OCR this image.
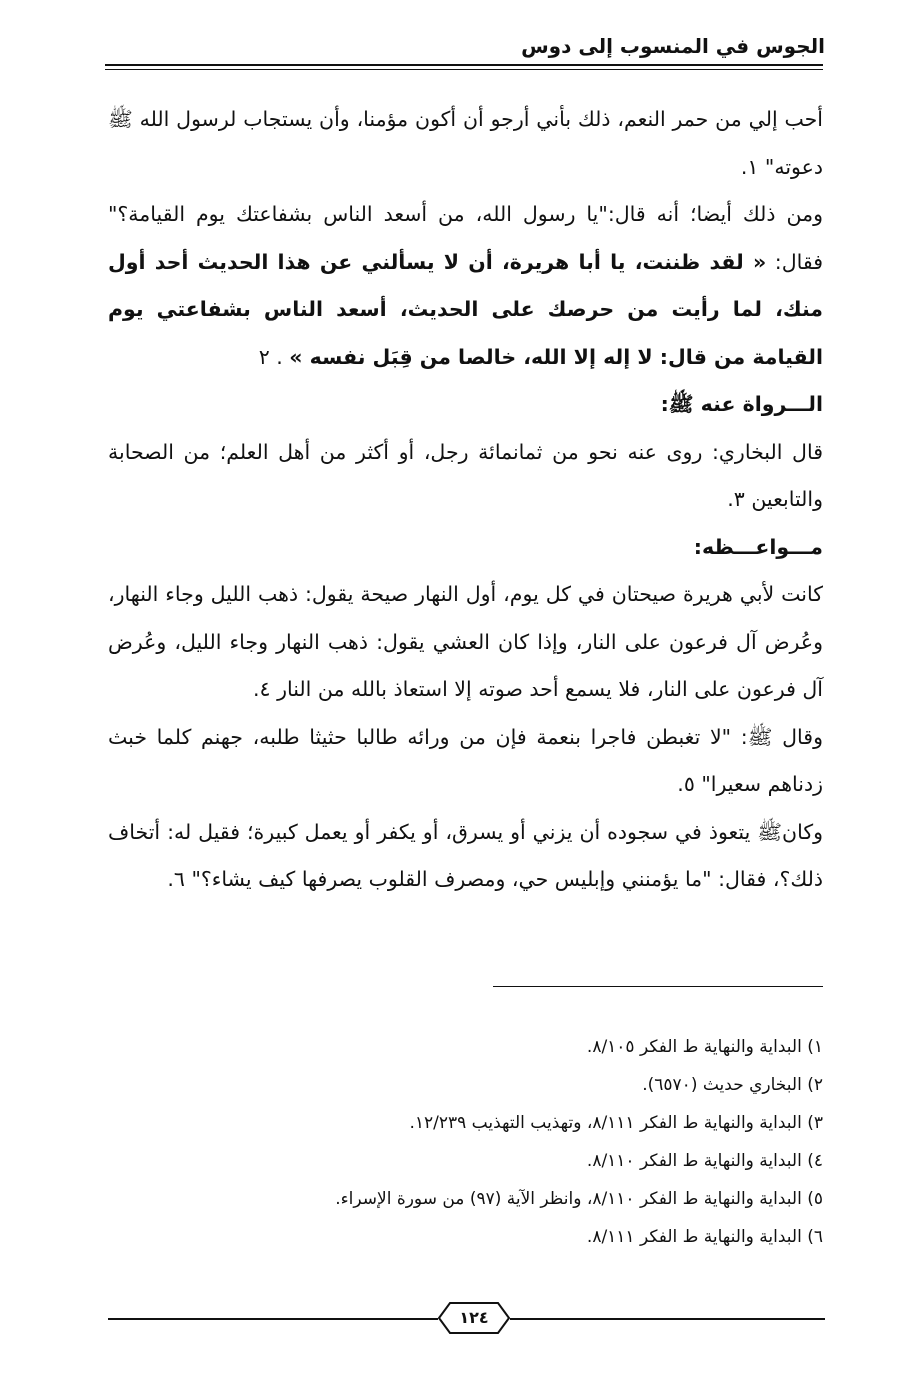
الجوس في المنسوب إلى دوس

أحب إلي من حمر النعم، ذلك بأني أرجو أن أكون مؤمنا، وأن يستجاب لرسول الله ﷺ دعوته" ١.

ومن ذلك أيضا؛ أنه قال:"يا رسول الله، من أسعد الناس بشفاعتك يوم القيامة؟" فقال: « لقد ظننت، يا أبا هريرة، أن لا يسألني عن هذا الحديث أحد أول منك، لما رأيت من حرصك على الحديث، أسعد الناس بشفاعتي يوم القيامة من قال: لا إله إلا الله، خالصا من قِبَل نفسه » . ٢

الـــرواة عنه ﷺ:

قال البخاري: روى عنه نحو من ثمانمائة رجل، أو أكثر من أهل العلم؛ من الصحابة والتابعين ٣.

مـــواعـــظه:

كانت لأبي هريرة صيحتان في كل يوم، أول النهار صيحة يقول: ذهب الليل وجاء النهار، وعُرض آل فرعون على النار، وإذا كان العشي يقول: ذهب النهار وجاء الليل، وعُرض آل فرعون على النار، فلا يسمع أحد صوته إلا استعاذ بالله من النار ٤.

وقال ﷺ: "لا تغبطن فاجرا بنعمة فإن من ورائه طالبا حثيثا طلبه، جهنم كلما خبث زدناهم سعيرا" ٥.

وكانﷺ يتعوذ في سجوده أن يزني أو يسرق، أو يكفر أو يعمل كبيرة؛ فقيل له: أتخاف ذلك؟، فقال: "ما يؤمنني وإبليس حي، ومصرف القلوب يصرفها كيف يشاء؟" ٦.

١) البداية والنهاية ط الفكر ٨/١٠٥.
٢) البخاري حديث (٦٥٧٠).
٣) البداية والنهاية ط الفكر ٨/١١١، وتهذيب التهذيب ١٢/٢٣٩.
٤) البداية والنهاية ط الفكر ٨/١١٠.
٥) البداية والنهاية ط الفكر ٨/١١٠، وانظر الآية (٩٧) من سورة الإسراء.
٦) البداية والنهاية ط الفكر ٨/١١١.
١٢٤
